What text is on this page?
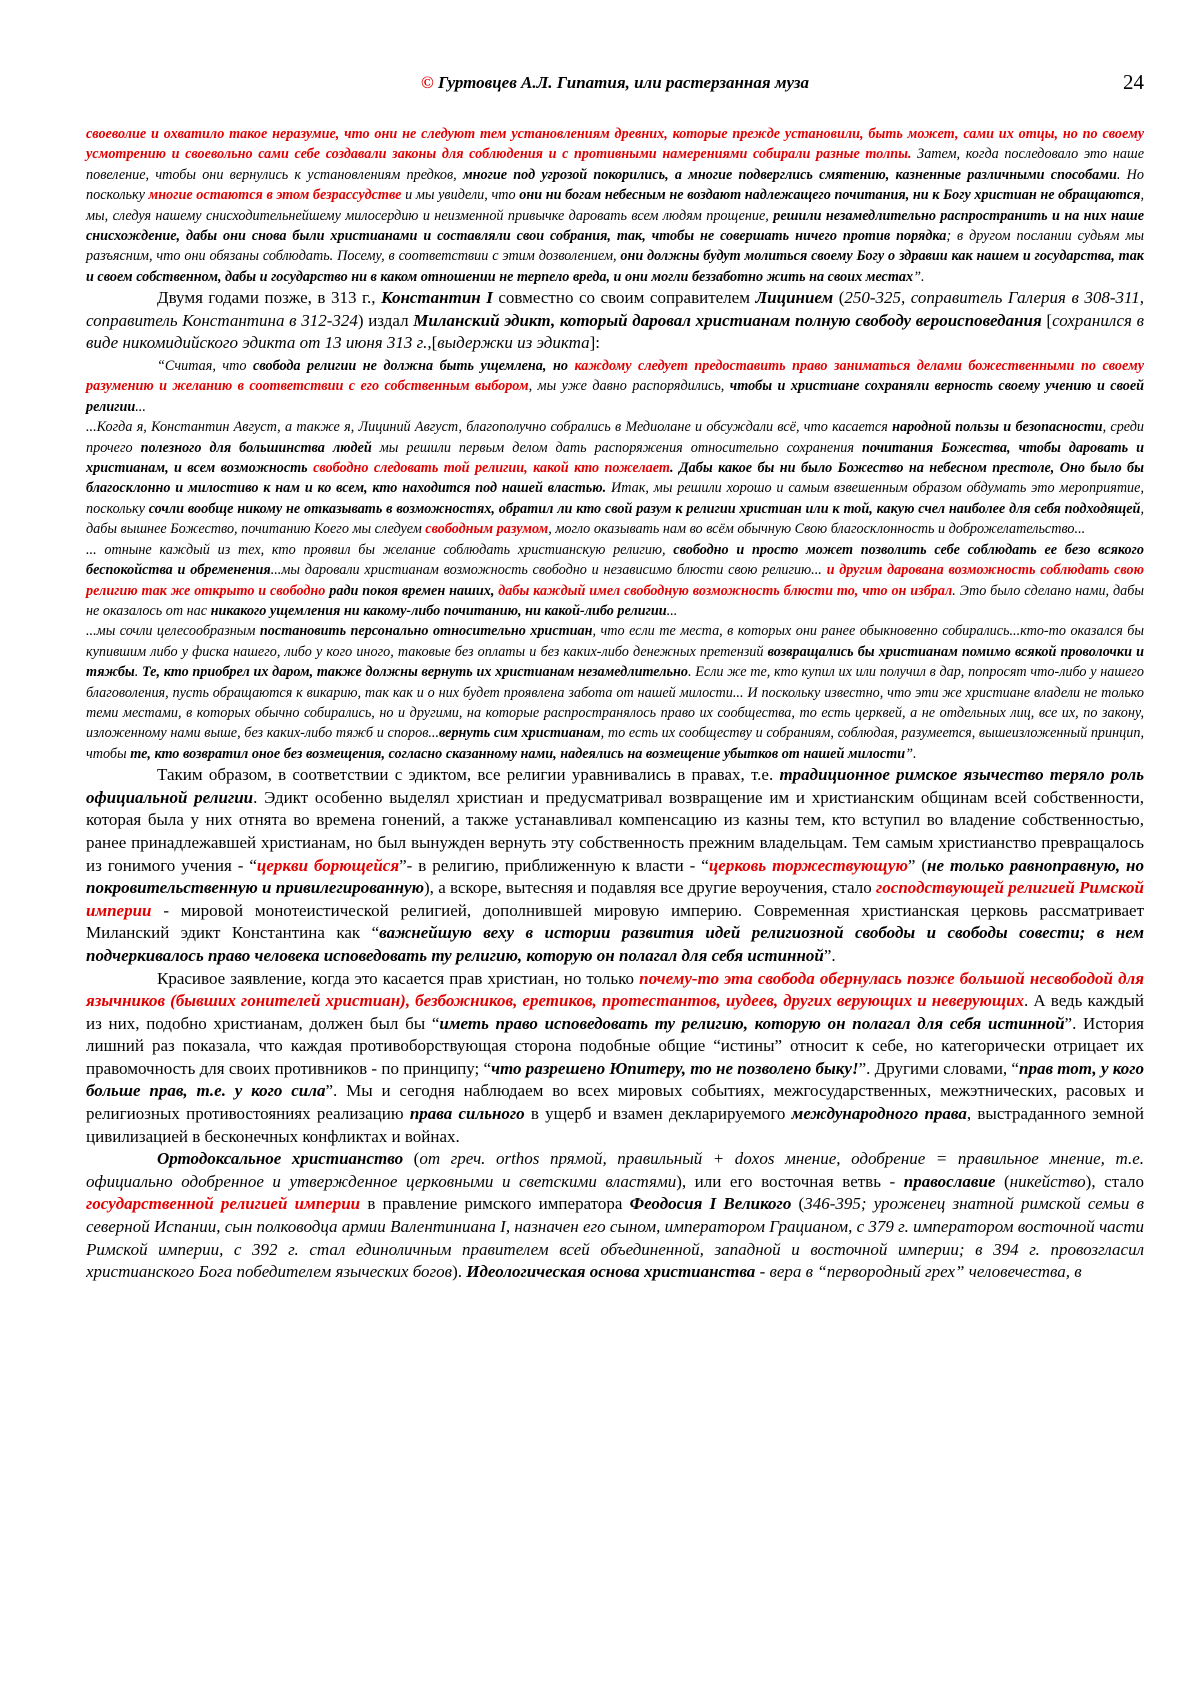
© Гуртовцев А.Л. Гипатия, или растерзанная муза	24

своеволие и охватило такое неразумие, что они не следуют тем установлениям древних, которые прежде установили, быть может, сами их отцы, но по своему усмотрению и своевольно сами себе создавали законы для соблюдения и с противными намерениями собирали разные толпы. Затем, когда последовало это наше повеление, чтобы они вернулись к установлениям предков, многие под угрозой покорились, а многие подверглись смятению, казненные различными способами. Но поскольку многие остаются в этом безрассудстве и мы увидели, что они ни богам небесным не воздают надлежащего почитания, ни к Богу христиан не обращаются, мы, следуя нашему снисходительнейшему милосердию и неизменной привычке даровать всем людям прощение, решили незамедлительно распространить и на них наше снисхождение, дабы они снова были христианами и составляли свои собрания, так, чтобы не совершать ничего против порядка; в другом послании судьям мы разъясним, что они обязаны соблюдать. Посему, в соответствии с этим дозволением, они должны будут молиться своему Богу о здравии как нашем и государства, так и своем собственном, дабы и государство ни в каком отношении не терпело вреда, и они могли беззаботно жить на своих местах”.

Двумя годами позже, в 313 г., Константин I совместно со своим соправителем Лицинием (250-325, соправитель Галерия в 308-311, соправитель Константина в 312-324) издал Миланский эдикт, который даровал христианам полную свободу вероисповедания [сохранился в виде никомидийского эдикта от 13 июня 313 г.,[выдержки из эдикта]:

“Считая, что свобода религии не должна быть ущемлена, но каждому следует предоставить право заниматься делами божественными по своему разумению и желанию в соответствии с его собственным выбором, мы уже давно распорядились, чтобы и христиане сохраняли верность своему учению и своей религии...

...Когда я, Константин Август, а также я, Лициний Август, благополучно собрались в Медиолане и обсуждали всё, что касается народной пользы и безопасности, среди прочего полезного для большинства людей мы решили первым делом дать распоряжения относительно сохранения почитания Божества, чтобы даровать и христианам, и всем возможность свободно следовать той религии, какой кто пожелает. Дабы какое бы ни было Божество на небесном престоле, Оно было бы благосклонно и милостиво к нам и ко всем, кто находится под нашей властью. Итак, мы решили хорошо и самым взвешенным образом обдумать это мероприятие, поскольку сочли вообще никому не отказывать в возможностях, обратил ли кто свой разум к религии христиан или к той, какую счел наиболее для себя подходящей, дабы вышнее Божество, почитанию Коего мы следуем свободным разумом, могло оказывать нам во всём обычную Свою благосклонность и доброжелательство...

... отныне каждый из тех, кто проявил бы желание соблюдать христианскую религию, свободно и просто может позволить себе соблюдать ее безо всякого беспокойства и обременения...мы даровали христианам возможность свободно и независимо блюсти свою религию... и другим дарована возможность соблюдать свою религию так же открыто и свободно ради покоя времен наших, дабы каждый имел свободную возможность блюсти то, что он избрал. Это было сделано нами, дабы не оказалось от нас никакого ущемления ни какому-либо почитанию, ни какой-либо религии...

...мы сочли целесообразным постановить персонально относительно христиан, что если те места, в которых они ранее обыкновенно собирались...кто-то оказался бы купившим либо у фиска нашего, либо у кого иного, таковые без оплаты и без каких-либо денежных претензий возвращались бы христианам помимо всякой проволочки и тяжбы. Те, кто приобрел их даром, также должны вернуть их христианам незамедлительно. Если же те, кто купил их или получил в дар, попросят что-либо у нашего благоволения, пусть обращаются к викарию, так как и о них будет проявлена забота от нашей милости... И поскольку известно, что эти же христиане владели не только теми местами, в которых обычно собирались, но и другими, на которые распространялось право их сообщества, то есть церквей, а не отдельных лиц, все их, по закону, изложенному нами выше, без каких-либо тяжб и споров...вернуть сим христианам, то есть их сообществу и собраниям, соблюдая, разумеется, вышеизложенный принцип, чтобы те, кто возвратил оное без возмещения, согласно сказанному нами, надеялись на возмещение убытков от нашей милости”.

Таким образом, в соответствии с эдиктом, все религии уравнивались в правах, т.е. традиционное римское язычество теряло роль официальной религии. Эдикт особенно выделял христиан и предусматривал возвращение им и христианским общинам всей собственности, которая была у них отнята во времена гонений, а также устанавливал компенсацию из казны тем, кто вступил во владение собственностью, ранее принадлежавшей христианам, но был вынужден вернуть эту собственность прежним владельцам. Тем самым христианство превращалось из гонимого учения - “церкви борющейся”- в религию, приближенную к власти - “церковь торжествующую” (не только равноправную, но покровительственную и привилегированную), а вскоре, вытесняя и подавляя все другие вероучения, стало господствующей религией Римской империи - мировой монотеистической религией, дополнившей мировую империю. Современная христианская церковь рассматривает Миланский эдикт Константина как “важнейшую веху в истории развития идей религиозной свободы и свободы совести; в нем подчеркивалось право человека исповедовать ту религию, которую он полагал для себя истинной”.

Красивое заявление, когда это касается прав христиан, но только почему-то эта свобода обернулась позже большой несвободой для язычников (бывших гонителей христиан), безбожников, еретиков, протестантов, иудеев, других верующих и неверующих. А ведь каждый из них, подобно христианам, должен был бы “иметь право исповедовать ту религию, которую он полагал для себя истинной”. История лишний раз показала, что каждая противоборствующая сторона подобные общие “истины” относит к себе, но категорически отрицает их правомочность для своих противников - по принципу; “что разрешено Юпитеру, то не позволено быку!”. Другими словами, “прав тот, у кого больше прав, т.е. у кого сила”. Мы и сегодня наблюдаем во всех мировых событиях, межгосударственных, межэтнических, расовых и религиозных противостояниях реализацию права сильного в ущерб и взамен декларируемого международного права, выстраданного земной цивилизацией в бесконечных конфликтах и войнах.

Ортодоксальное христианство (от греч. orthos прямой, правильный + doxos мнение, одобрение = правильное мнение, т.е. официально одобренное и утвержденное церковными и светскими властями), или его восточная ветвь - православие (никейство), стало государственной религией империи в правление римского императора Феодосия I Великого (346-395; уроженец знатной римской семьи в северной Испании, сын полководца армии Валентиниана I, назначен его сыном, императором Грацианом, с 379 г. императором восточной части Римской империи, с 392 г. стал единоличным правителем всей объединенной, западной и восточной империи; в 394 г. провозгласил христианского Бога победителем языческих богов). Идеологическая основа христианства - вера в “первородный грех” человечества, в
